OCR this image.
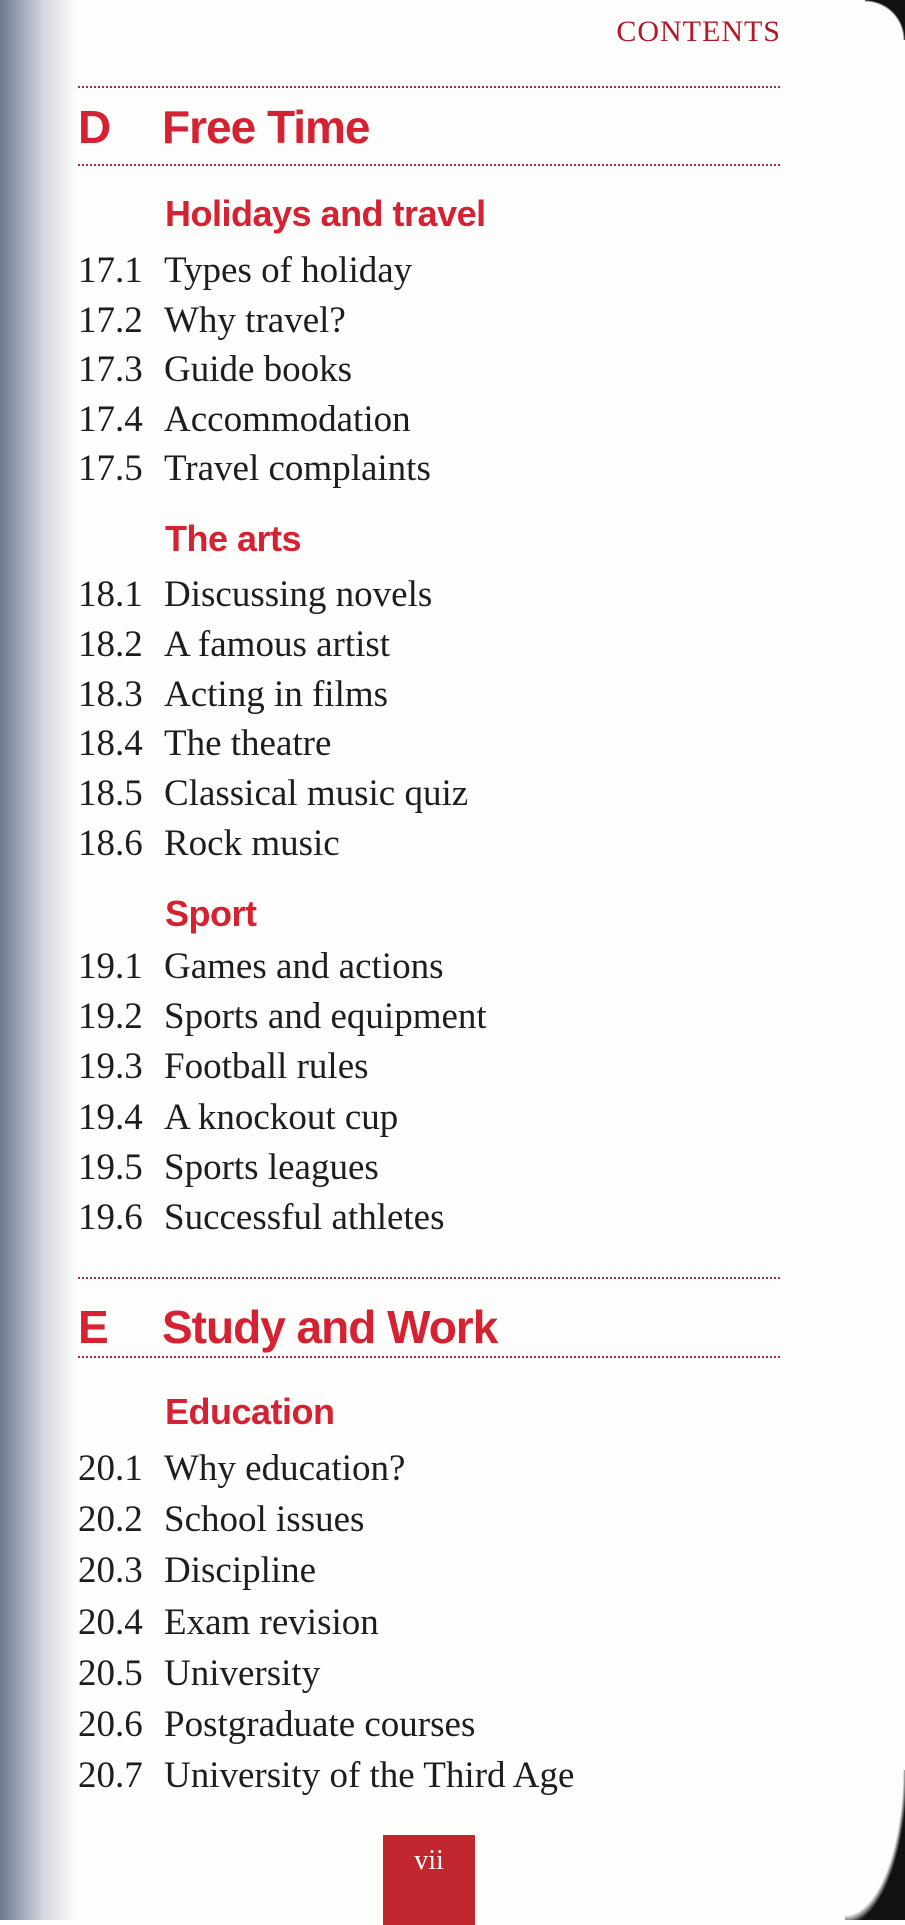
CONTENTS
D Free Time
Holidays and travel
17.1 Types of holiday
17.2 Why travel?
17.3 Guide books
17.4 Accommodation
17.5 Travel complaints
The arts
18.1 Discussing novels
18.2 A famous artist
18.3 Acting in films
18.4 The theatre
18.5 Classical music quiz
18.6 Rock music
Sport
19.1 Games and actions
19.2 Sports and equipment
19.3 Football rules
19.4 A knockout cup
19.5 Sports leagues
19.6 Successful athletes
E Study and Work
Education
20.1 Why education?
20.2 School issues
20.3 Discipline
20.4 Exam revision
20.5 University
20.6 Postgraduate courses
20.7 University of the Third Age
vii
